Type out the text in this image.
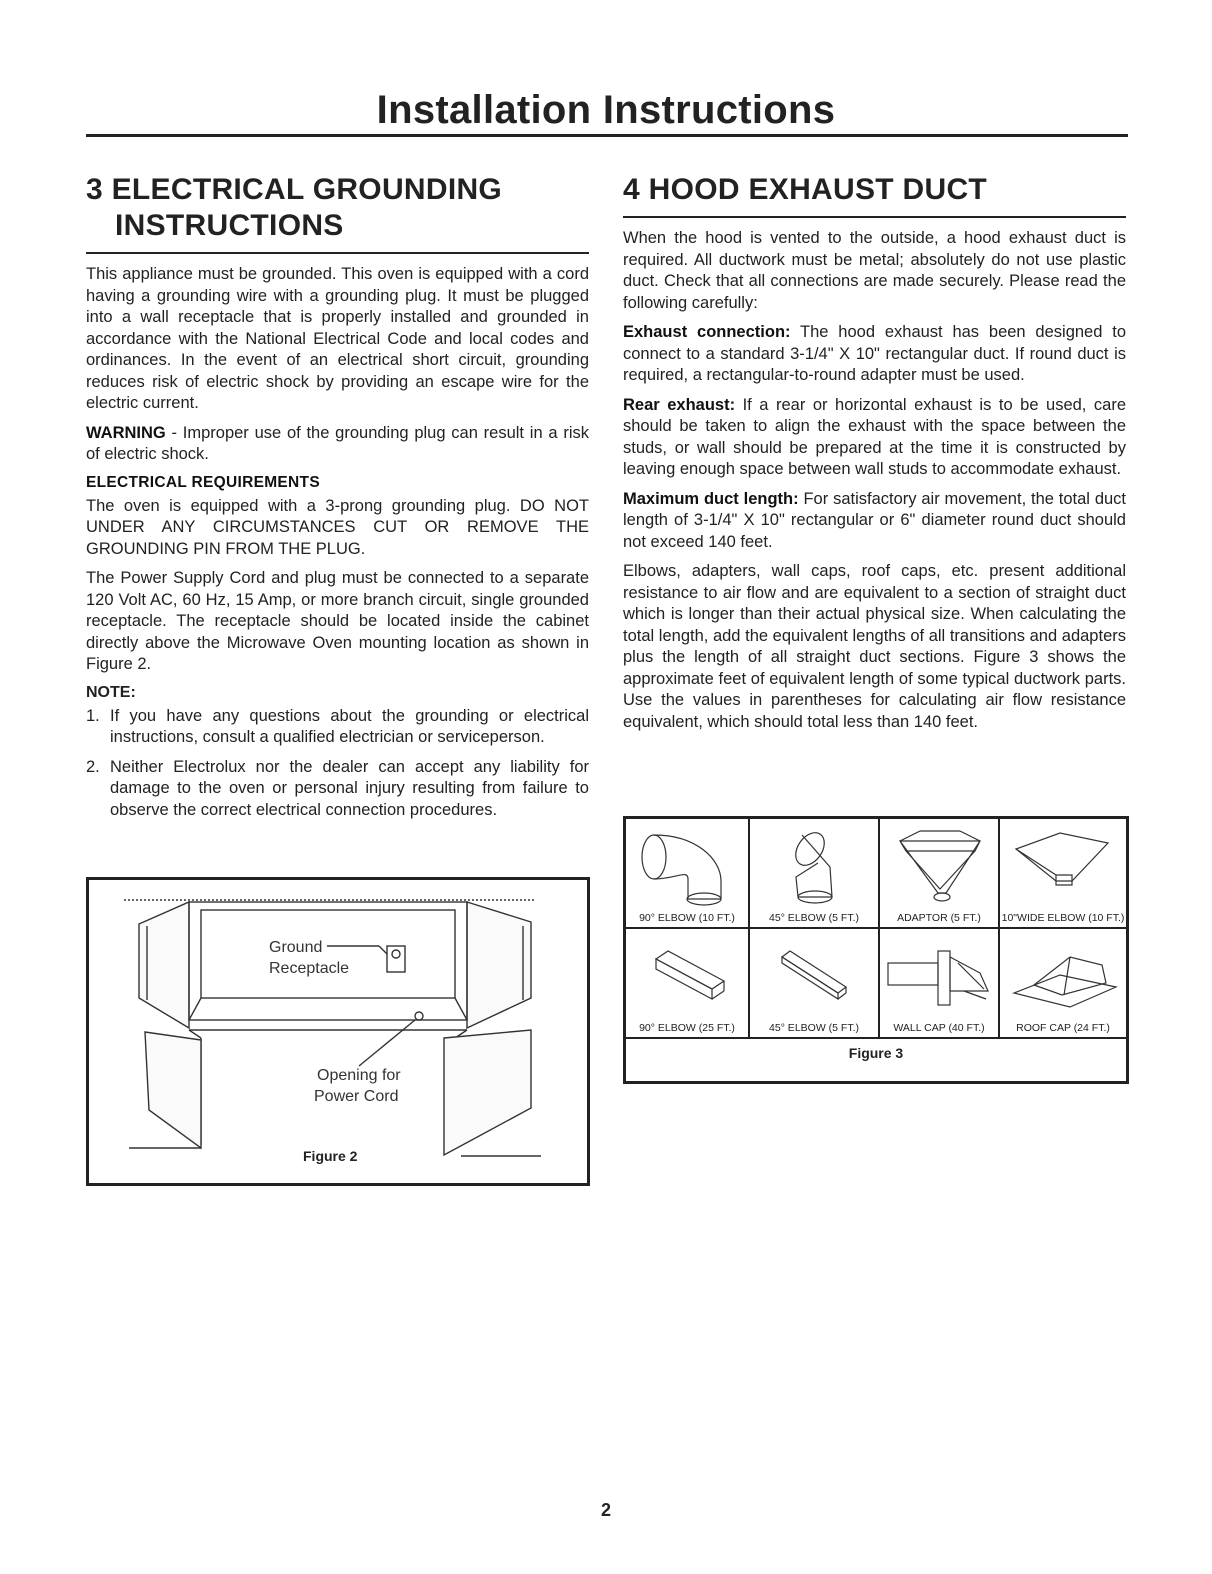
Installation Instructions
3 ELECTRICAL GROUNDING
INSTRUCTIONS

This appliance must be grounded. This oven is equipped with a cord having a grounding wire with a grounding plug. It must be plugged into a wall receptacle that is properly installed and grounded in accordance with the National Electrical Code and local codes and ordinances. In the event of an electrical short circuit, grounding reduces risk of electric shock by providing an escape wire for the electric current.

WARNING - Improper use of the grounding plug can result in a risk of electric shock.

ELECTRICAL REQUIREMENTS

The oven is equipped with a 3-prong grounding plug. DO NOT UNDER ANY CIRCUMSTANCES CUT OR REMOVE THE GROUNDING PIN FROM THE PLUG.

The Power Supply Cord and plug must be connected to a separate 120 Volt AC, 60 Hz, 15 Amp, or more branch circuit, single grounded receptacle. The receptacle should be located inside the cabinet directly above the Microwave Oven mounting location as shown in Figure 2.

NOTE:
1. If you have any questions about the grounding or electrical instructions, consult a qualified electrician or serviceperson.
2. Neither Electrolux nor the dealer can accept any liability for damage to the oven or personal injury resulting from failure to observe the correct electrical connection procedures.
Ground
Receptacle
Opening for
Power Cord
Figure 2
4 HOOD EXHAUST DUCT

When the hood is vented to the outside, a hood exhaust duct is required. All ductwork must be metal; absolutely do not use plastic duct. Check that all connections are made securely. Please read the following carefully:

Exhaust connection: The hood exhaust has been designed to connect to a standard 3-1/4" X 10" rectangular duct. If round duct is required, a rectangular-to-round adapter must be used.

Rear exhaust: If a rear or horizontal exhaust is to be used, care should be taken to align the exhaust with the space between the studs, or wall should be prepared at the time it is constructed by leaving enough space between wall studs to accommodate exhaust.

Maximum duct length: For satisfactory air movement, the total duct length of 3-1/4" X 10" rectangular or 6" diameter round duct should not exceed 140 feet.

Elbows, adapters, wall caps, roof caps, etc. present additional resistance to air flow and are equivalent to a section of straight duct which is longer than their actual physical size. When calculating the total length, add the equivalent lengths of all transitions and adapters plus the length of all straight duct sections. Figure 3 shows the approximate feet of equivalent length of some typical ductwork parts. Use the values in parentheses for calculating air flow resistance equivalent, which should total less than 140 feet.

90° ELBOW (10 FT.)	45° ELBOW (5 FT.)	ADAPTOR (5 FT.)	10"WIDE ELBOW (10 FT.)
90° ELBOW (25 FT.)	45° ELBOW (5 FT.)	WALL CAP (40 FT.)	ROOF CAP (24 FT.)
Figure 3
2
